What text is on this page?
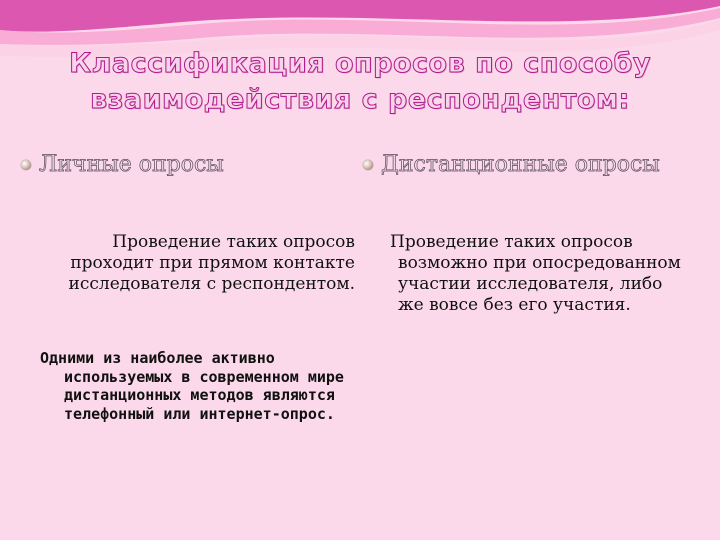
Классификация опросов по способу взаимодействия с респондентом:
Личные опросы	Дистанционные опросы

Проведение таких опросов проходит при прямом контакте исследователя с респондентом.

Проведение таких опросов возможно при опосредованном участии исследователя, либо же вовсе без его участия.

Одними из наиболее активно используемых в современном мире дистанционных методов являются телефонный или интернет-опрос.
